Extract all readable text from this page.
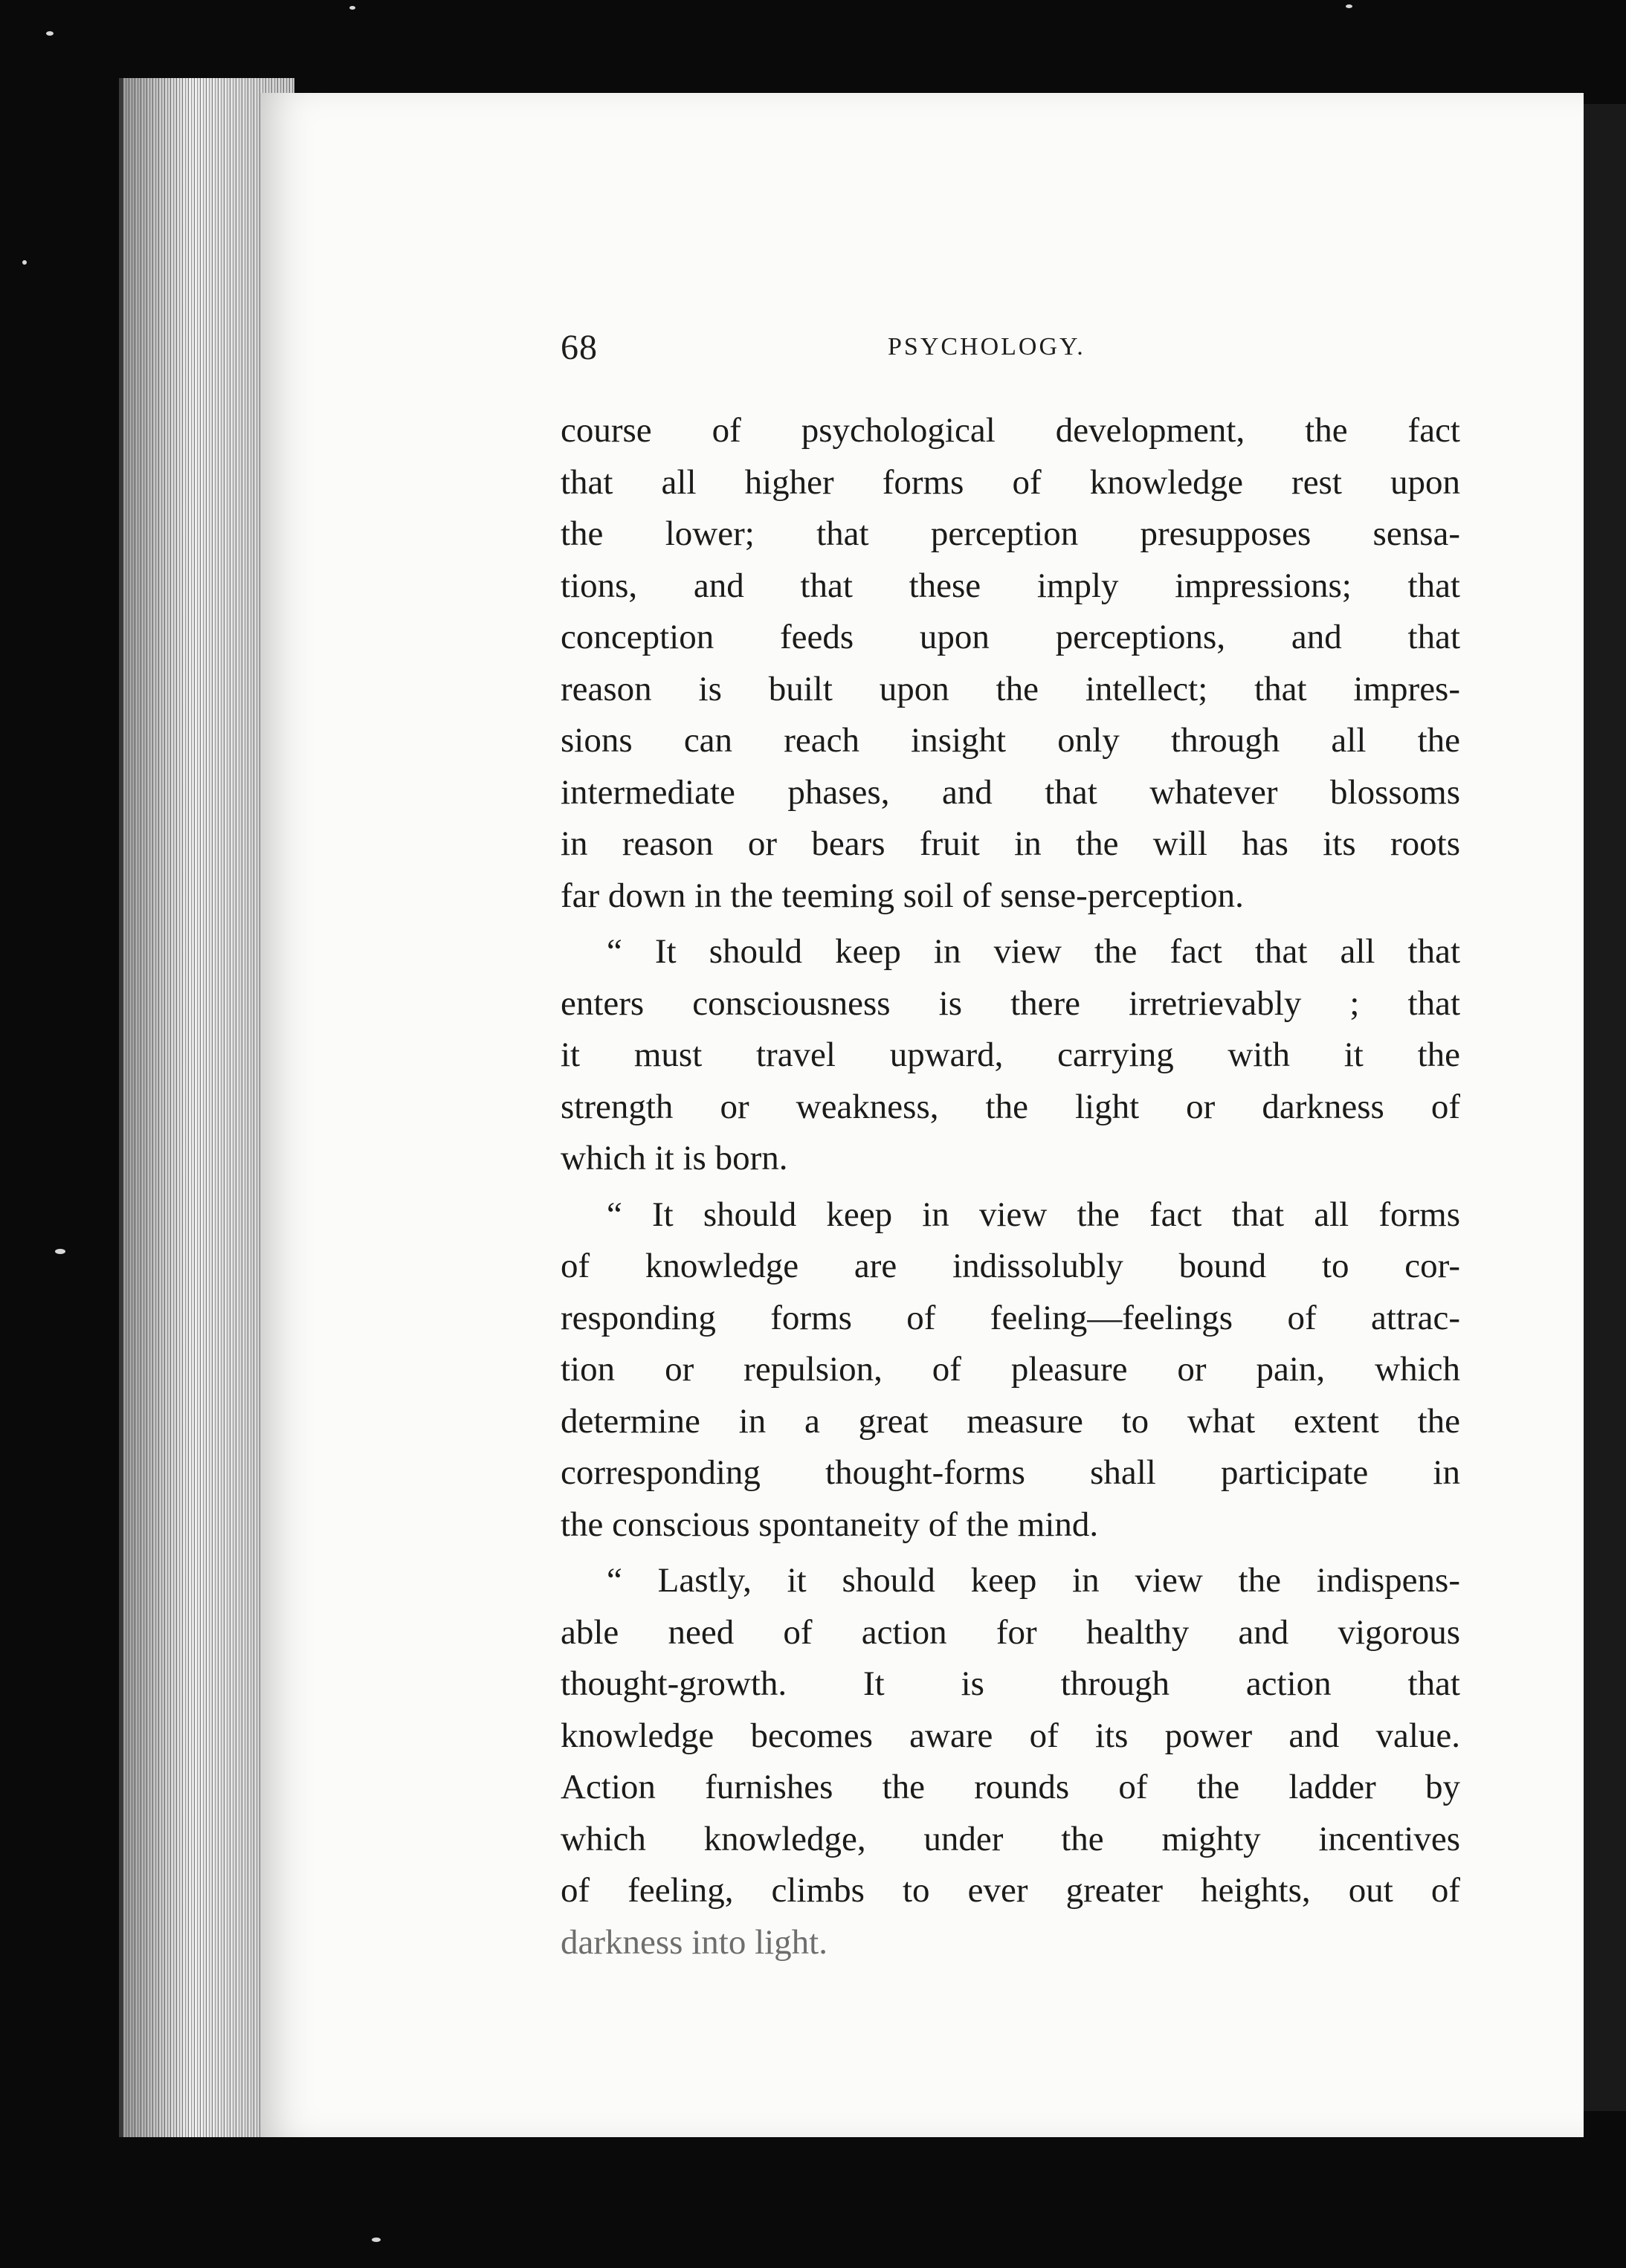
68	PSYCHOLOGY.
course of psychological development, the fact
that all higher forms of knowledge rest upon
the lower; that perception presupposes sensa-
tions, and that these imply impressions; that
conception feeds upon perceptions, and that
reason is built upon the intellect; that impres-
sions can reach insight only through all the
intermediate phases, and that whatever blossoms
in reason or bears fruit in the will has its roots
far down in the teeming soil of sense-perception.
“ It should keep in view the fact that all that
enters consciousness is there irretrievably ; that
it must travel upward, carrying with it the
strength or weakness, the light or darkness of
which it is born.
“ It should keep in view the fact that all forms
of knowledge are indissolubly bound to cor-
responding forms of feeling—feelings of attrac-
tion or repulsion, of pleasure or pain, which
determine in a great measure to what extent the
corresponding thought-forms shall participate in
the conscious spontaneity of the mind.
“ Lastly, it should keep in view the indispens-
able need of action for healthy and vigorous
thought-growth. It is through action that
knowledge becomes aware of its power and value.
Action furnishes the rounds of the ladder by
which knowledge, under the mighty incentives
of feeling, climbs to ever greater heights, out of
darkness into light.
